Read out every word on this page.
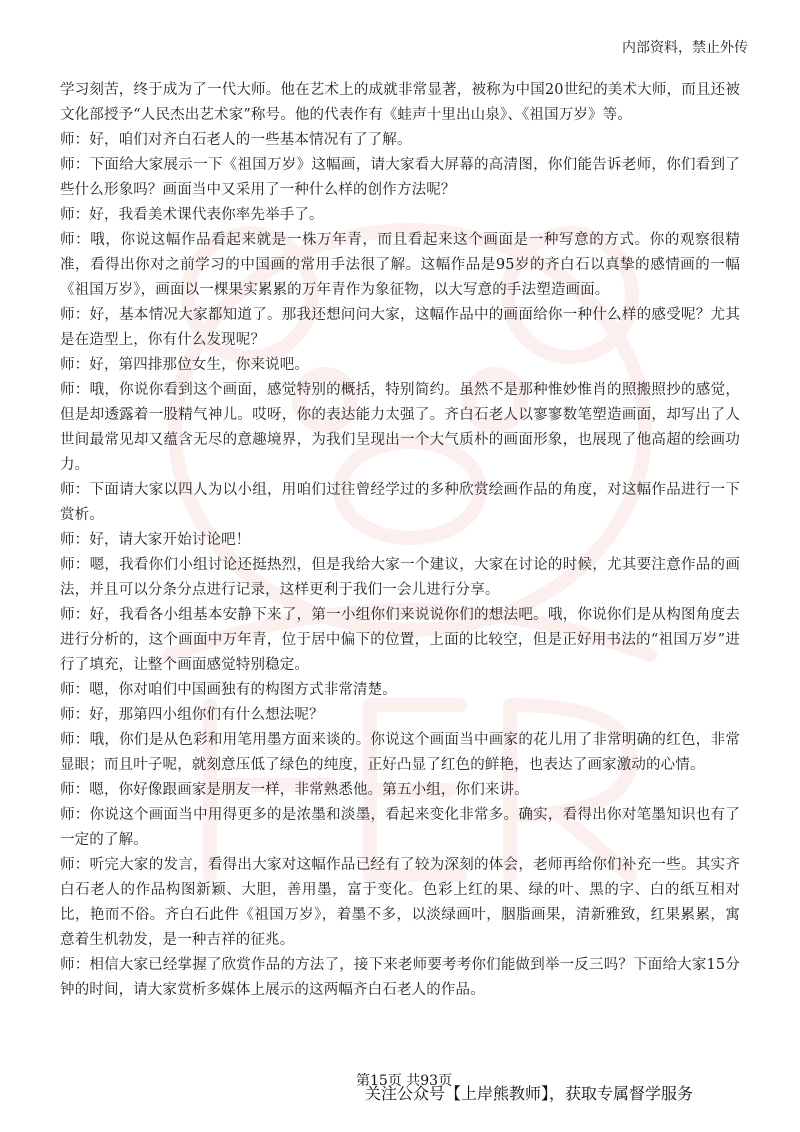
内部资料，禁止外传

学习刻苦，终于成为了一代大师。他在艺术上的成就非常显著，被称为中国20世纪的美术大师，而且还被文化部授予“人民杰出艺术家”称号。他的代表作有《蛙声十里出山泉》、《祖国万岁》等。

师：好，咱们对齐白石老人的一些基本情况有了了解。

师：下面给大家展示一下《祖国万岁》这幅画，请大家看大屏幕的高清图，你们能告诉老师，你们看到了些什么形象吗？画面当中又采用了一种什么样的创作方法呢？

师：好，我看美术课代表你率先举手了。

师：哦，你说这幅作品看起来就是一株万年青，而且看起来这个画面是一种写意的方式。你的观察很精准，看得出你对之前学习的中国画的常用手法很了解。这幅作品是95岁的齐白石以真挚的感情画的一幅《祖国万岁》，画面以一棵果实累累的万年青作为象征物，以大写意的手法塑造画面。

师：好，基本情况大家都知道了。那我还想问问大家，这幅作品中的画面给你一种什么样的感受呢？尤其是在造型上，你有什么发现呢？

师：好，第四排那位女生，你来说吧。

师：哦，你说你看到这个画面，感觉特别的概括，特别简约。虽然不是那种惟妙惟肖的照搬照抄的感觉，但是却透露着一股精气神儿。哎呀，你的表达能力太强了。齐白石老人以寥寥数笔塑造画面，却写出了人世间最常见却又蕴含无尽的意趣境界，为我们呈现出一个大气质朴的画面形象，也展现了他高超的绘画功力。

师：下面请大家以四人为以小组，用咱们过往曾经学过的多种欣赏绘画作品的角度，对这幅作品进行一下赏析。

师：好，请大家开始讨论吧！

师：嗯，我看你们小组讨论还挺热烈，但是我给大家一个建议，大家在讨论的时候，尤其要注意作品的画法，并且可以分条分点进行记录，这样更利于我们一会儿进行分享。

师：好，我看各小组基本安静下来了，第一小组你们来说说你们的想法吧。哦，你说你们是从构图角度去进行分析的，这个画面中万年青，位于居中偏下的位置，上面的比较空，但是正好用书法的“祖国万岁”进行了填充，让整个画面感觉特别稳定。

师：嗯，你对咱们中国画独有的构图方式非常清楚。

师：好，那第四小组你们有什么想法呢？

师：哦，你们是从色彩和用笔用墨方面来谈的。你说这个画面当中画家的花儿用了非常明确的红色，非常显眼；而且叶子呢，就刻意压低了绿色的纯度，正好凸显了红色的鲜艳，也表达了画家激动的心情。

师：嗯，你好像跟画家是朋友一样，非常熟悉他。第五小组，你们来讲。

师：你说这个画面当中用得更多的是浓墨和淡墨，看起来变化非常多。确实，看得出你对笔墨知识也有了一定的了解。

师：听完大家的发言，看得出大家对这幅作品已经有了较为深刻的体会，老师再给你们补充一些。其实齐白石老人的作品构图新颖、大胆，善用墨，富于变化。色彩上红的果、绿的叶、黑的字、白的纸互相对比，艳而不俗。齐白石此件《祖国万岁》，着墨不多，以淡绿画叶，胭脂画果，清新雅致，红果累累，寓意着生机勃发，是一种吉祥的征兆。

师：相信大家已经掌握了欣赏作品的方法了，接下来老师要考考你们能做到举一反三吗？下面给大家15分钟的时间，请大家赏析多媒体上展示的这两幅齐白石老人的作品。

第15页 共93页
关注公众号【上岸熊教师】，获取专属督学服务
